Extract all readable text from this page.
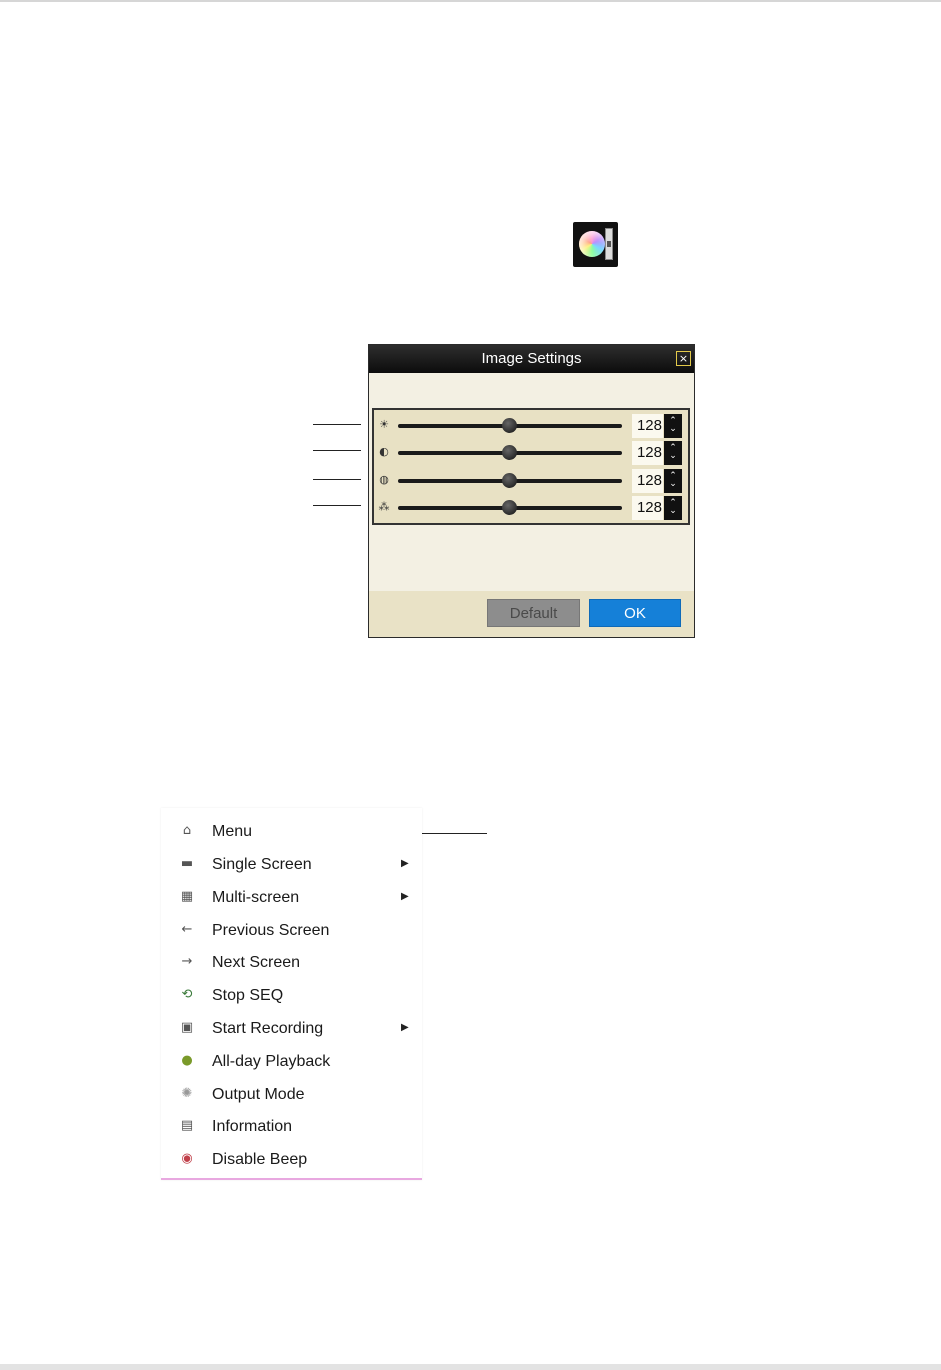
Image Settings	×
☀	128 ⌃
⌄
◐	128 ⌃
⌄
◍	128 ⌃
⌄
⁂	128 ⌃
⌄
Default	OK
⌂	Menu
▬ Single Screen	▶
▦ Multi-screen	▶
← Previous Screen
→ Next Screen
⟲ Stop SEQ
▣ Start Recording	▶
● All-day Playback
✺ Output Mode
▤ Information
◉ Disable Beep
